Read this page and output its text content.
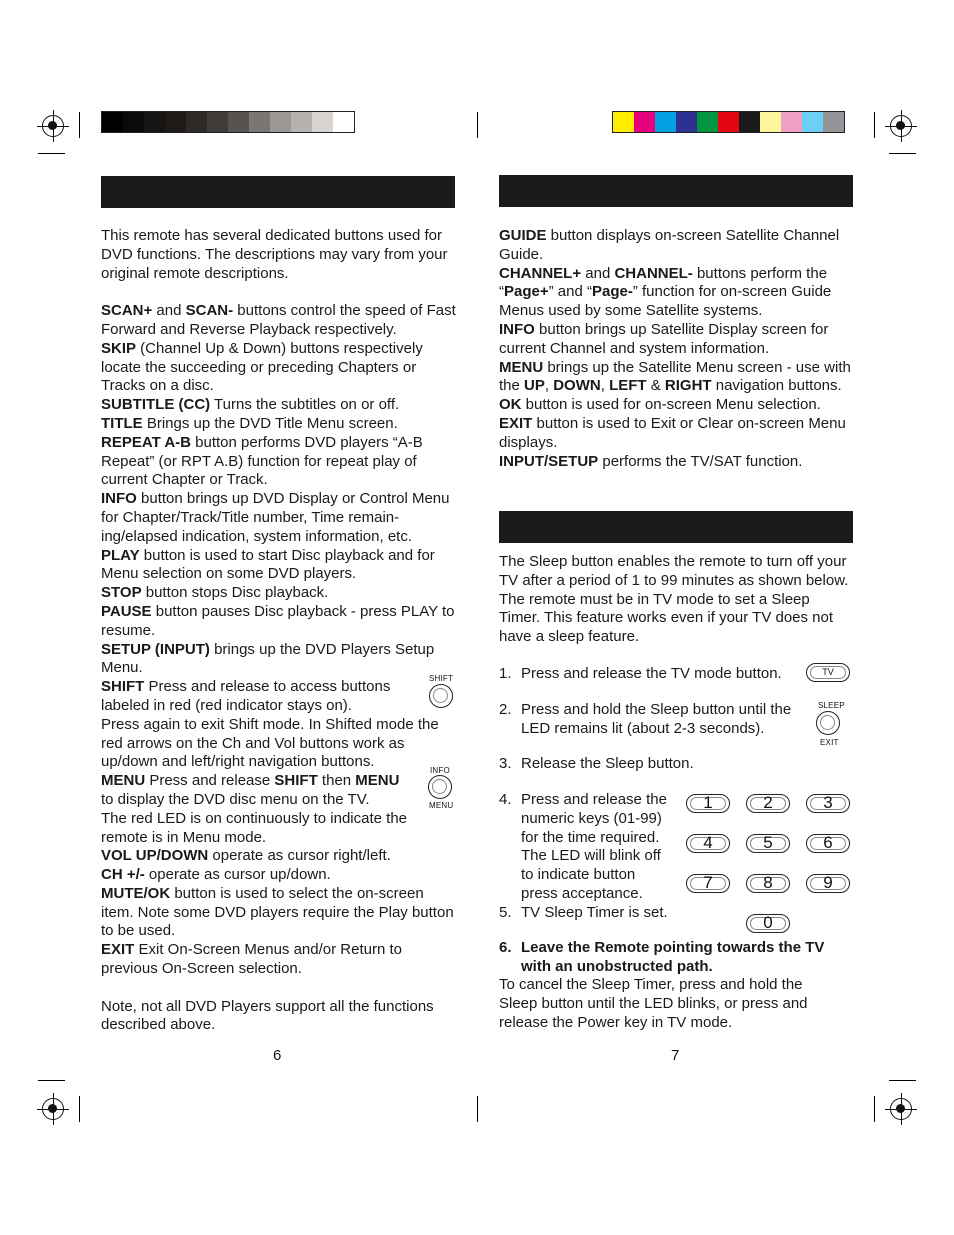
This remote has several dedicated buttons used for DVD functions. The descriptions may vary from your original remote descriptions.

SCAN+ and SCAN- buttons control the speed of Fast Forward and Reverse Playback respectively.

SKIP (Channel Up & Down) buttons respectively locate the succeeding or preceding Chapters or Tracks on a disc.

SUBTITLE (CC) Turns the subtitles on or off.

TITLE Brings up the DVD Title Menu screen.

REPEAT A-B button performs DVD players “A-B Repeat” (or RPT A.B) function for repeat play of current Chapter or Track.

INFO button brings up DVD Display or Control Menu for Chapter/Track/Title number, Time remain-ing/elapsed indication, system information, etc.

PLAY button is used to start Disc playback and for Menu selection on some DVD players.

STOP button stops Disc playback.

PAUSE button pauses Disc playback - press PLAY to resume.

SETUP (INPUT) brings up the DVD Players Setup Menu.

SHIFT Press and release to access buttons
labeled in red (red indicator stays on).

Press again to exit Shift mode. In Shifted mode the red arrows on the Ch and Vol buttons work as up/down and left/right navigation buttons.

MENU Press and release SHIFT then MENU
to display the DVD disc menu on the TV.

The red LED is on continuously to indicate the remote is in Menu mode.

VOL UP/DOWN operate as cursor right/left.

CH +/- operate as cursor up/down.

MUTE/OK button is used to select the on-screen item. Note some DVD players require the Play button to be used.

EXIT Exit On-Screen Menus and/or Return to previous On-Screen selection.

Note, not all DVD Players support all the functions described above.

SHIFT
INFO
MENU
6

GUIDE button displays on-screen Satellite Channel Guide.

CHANNEL+ and CHANNEL- buttons perform the “Page+” and “Page-” function for on-screen Guide Menus used by some Satellite systems.

INFO button brings up Satellite Display screen for current Channel and system information.

MENU brings up the Satellite Menu screen - use with the UP, DOWN, LEFT & RIGHT navigation buttons.

OK button is used for on-screen Menu selection.

EXIT button is used to Exit or Clear on-screen Menu displays.

INPUT/SETUP performs the TV/SAT function.

The Sleep button enables the remote to turn off your TV after a period of 1 to 99 minutes as shown below. The remote must be in TV mode to set a Sleep Timer. This feature works even if your TV does not have a sleep feature.

1. Press and release the TV mode button.
2. Press and hold the Sleep button until the LED remains lit (about 2-3 seconds).
3. Release the Sleep button.
4. Press and release the numeric keys (01-99) for the time required. The LED will blink off to indicate button press acceptance.
5. TV Sleep Timer is set.
6. Leave the Remote pointing towards the TV with an unobstructed path.

To cancel the Sleep Timer, press and hold the Sleep button until the LED blinks, or press and release the Power key in TV mode.

TV
SLEEP
EXIT
1	2	3
4	5	6
7	8	9
0
7
